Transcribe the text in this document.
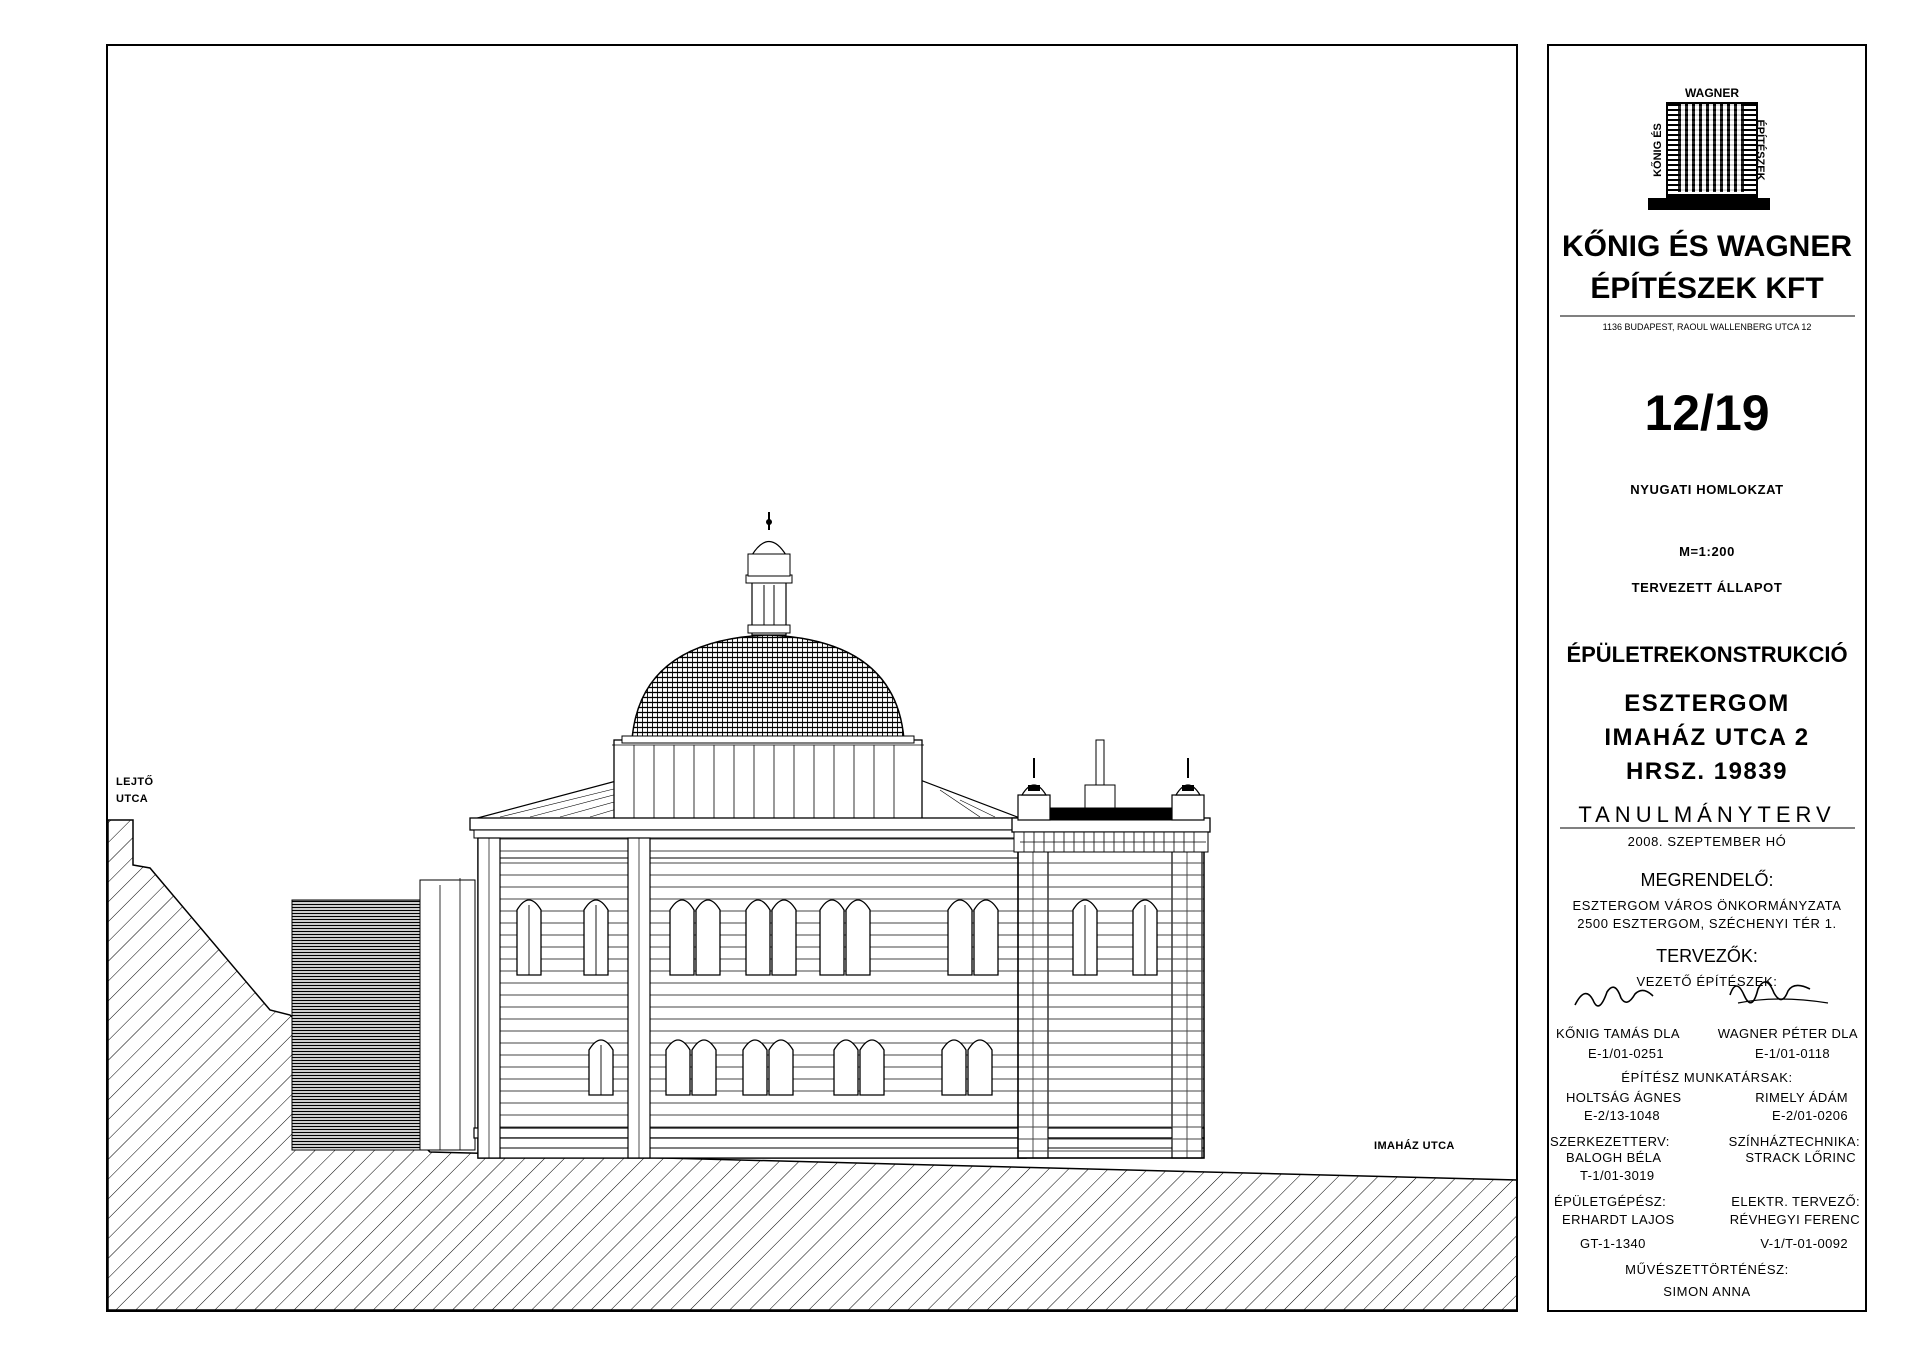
LEJTŐ
UTCA
IMAHÁZ UTCA
WAGNER
KŐNIG ÉS	ÉPÍTÉSZEK
KŐNIG ÉS WAGNER
ÉPÍTÉSZEK KFT
1136 BUDAPEST, RAOUL WALLENBERG UTCA 12
12/19
NYUGATI HOMLOKZAT
M=1:200
TERVEZETT ÁLLAPOT
ÉPÜLETREKONSTRUKCIÓ
ESZTERGOM
IMAHÁZ UTCA 2
HRSZ. 19839
TANULMÁNYTERV
2008. SZEPTEMBER HÓ
MEGRENDELŐ:
ESZTERGOM VÁROS ÖNKORMÁNYZATA
2500 ESZTERGOM, SZÉCHENYI TÉR 1.
TERVEZŐK:
VEZETŐ ÉPÍTÉSZEK:
KŐNIG TAMÁS DLA	WAGNER PÉTER DLA
E-1/01-0251	E-1/01-0118
ÉPÍTÉSZ MUNKATÁRSAK:
HOLTSÁG ÁGNES	RIMELY ÁDÁM
E-2/13-1048	E-2/01-0206
SZERKEZETTERV:	SZÍNHÁZTECHNIKA:
BALOGH BÉLA	STRACK LŐRINC
T-1/01-3019
ÉPÜLETGÉPÉSZ:	ELEKTR. TERVEZŐ:
ERHARDT LAJOS	RÉVHEGYI FERENC
GT-1-1340	V-1/T-01-0092
MŰVÉSZETTÖRTÉNÉSZ:
SIMON ANNA
